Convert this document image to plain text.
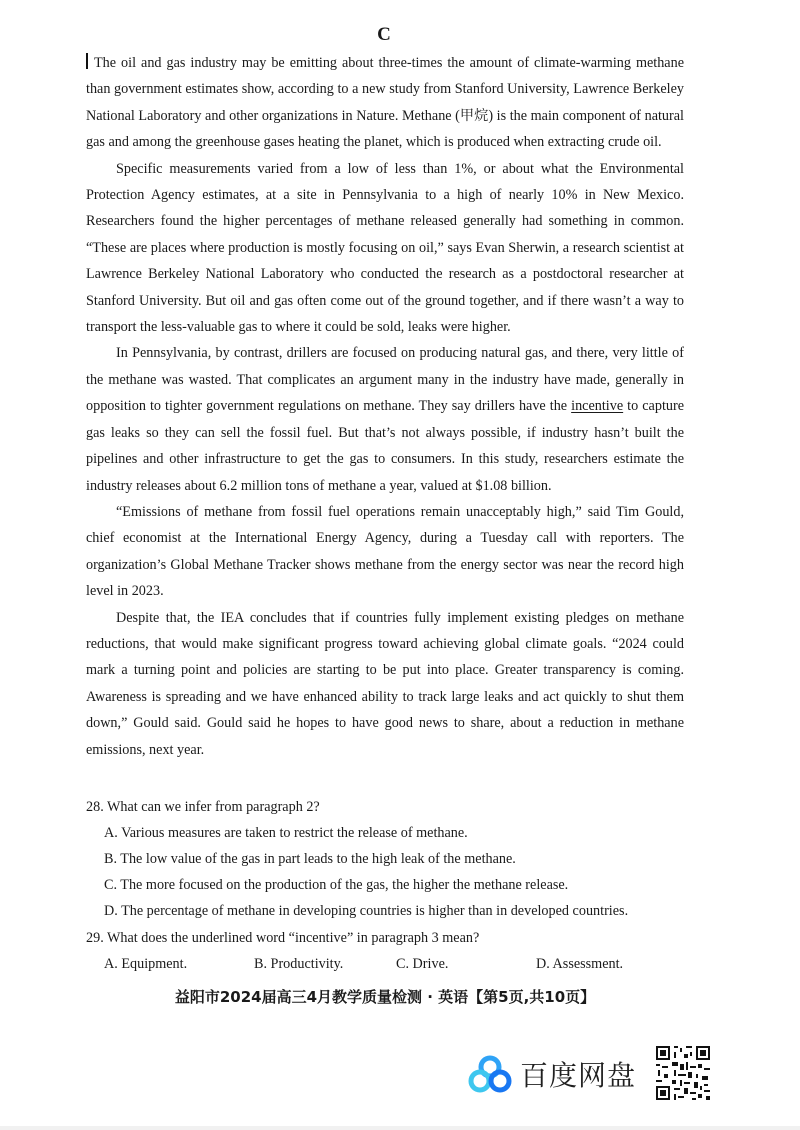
C

The oil and gas industry may be emitting about three-times the amount of climate-warming methane than government estimates show, according to a new study from Stanford University, Lawrence Berkeley National Laboratory and other organizations in Nature. Methane (甲烷) is the main component of natural gas and among the greenhouse gases heating the planet, which is produced when extracting crude oil.

Specific measurements varied from a low of less than 1%, or about what the Environmental Protection Agency estimates, at a site in Pennsylvania to a high of nearly 10% in New Mexico. Researchers found the higher percentages of methane released generally had something in common. “These are places where production is mostly focusing on oil,” says Evan Sherwin, a research scientist at Lawrence Berkeley National Laboratory who conducted the research as a postdoctoral researcher at Stanford University. But oil and gas often come out of the ground together, and if there wasn’t a way to transport the less-valuable gas to where it could be sold, leaks were higher.

In Pennsylvania, by contrast, drillers are focused on producing natural gas, and there, very little of the methane was wasted. That complicates an argument many in the industry have made, generally in opposition to tighter government regulations on methane. They say drillers have the incentive to capture gas leaks so they can sell the fossil fuel. But that’s not always possible, if industry hasn’t built the pipelines and other infrastructure to get the gas to consumers. In this study, researchers estimate the industry releases about 6.2 million tons of methane a year, valued at $1.08 billion.

“Emissions of methane from fossil fuel operations remain unacceptably high,” said Tim Gould, chief economist at the International Energy Agency, during a Tuesday call with reporters. The organization’s Global Methane Tracker shows methane from the energy sector was near the record high level in 2023.

Despite that, the IEA concludes that if countries fully implement existing pledges on methane reductions, that would make significant progress toward achieving global climate goals. “2024 could mark a turning point and policies are starting to be put into place. Greater transparency is coming. Awareness is spreading and we have enhanced ability to track large leaks and act quickly to shut them down,” Gould said. Gould said he hopes to have good news to share, about a reduction in methane emissions, next year.

28. What can we infer from paragraph 2?
A. Various measures are taken to restrict the release of methane.
B. The low value of the gas in part leads to the high leak of the methane.
C. The more focused on the production of the gas, the higher the methane release.
D. The percentage of methane in developing countries is higher than in developed countries.
29. What does the underlined word “incentive” in paragraph 3 mean?
A. Equipment.	B. Productivity.	C. Drive.	D. Assessment.
益阳市2024届高三4月教学质量检测 · 英语【第5页,共10页】
百度网盘
